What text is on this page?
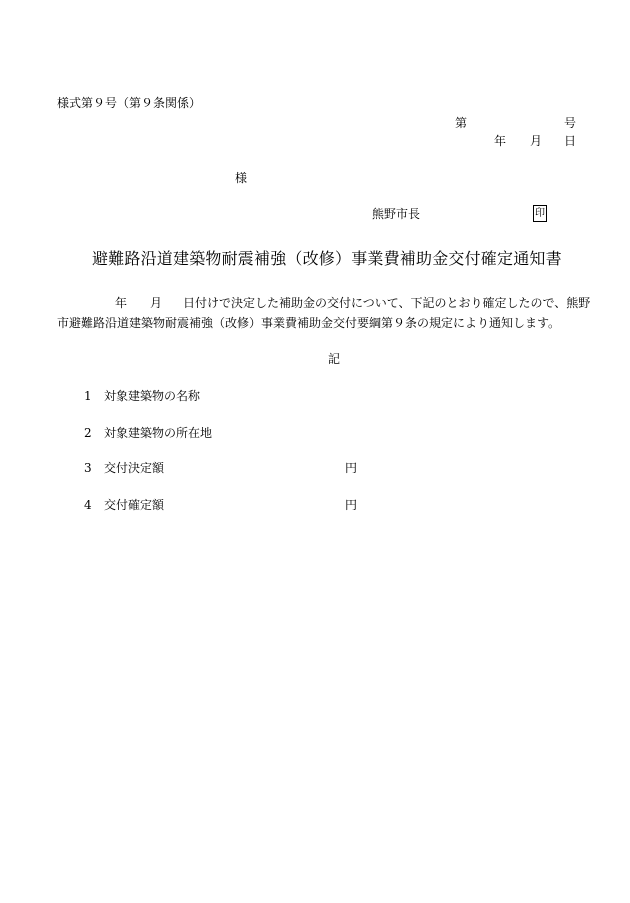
様式第９号（第９条関係）
第	号
年 月 日
様
熊野市長	印
避難路沿道建築物耐震補強（改修）事業費補助金交付確定通知書
年 月 日付けで決定した補助金の交付について、下記のとおり確定したので、熊野
市避難路沿道建築物耐震補強（改修）事業費補助金交付要綱第９条の規定により通知します。
記
1 対象建築物の名称
2 対象建築物の所在地
3 交付決定額	円
4 交付確定額	円
